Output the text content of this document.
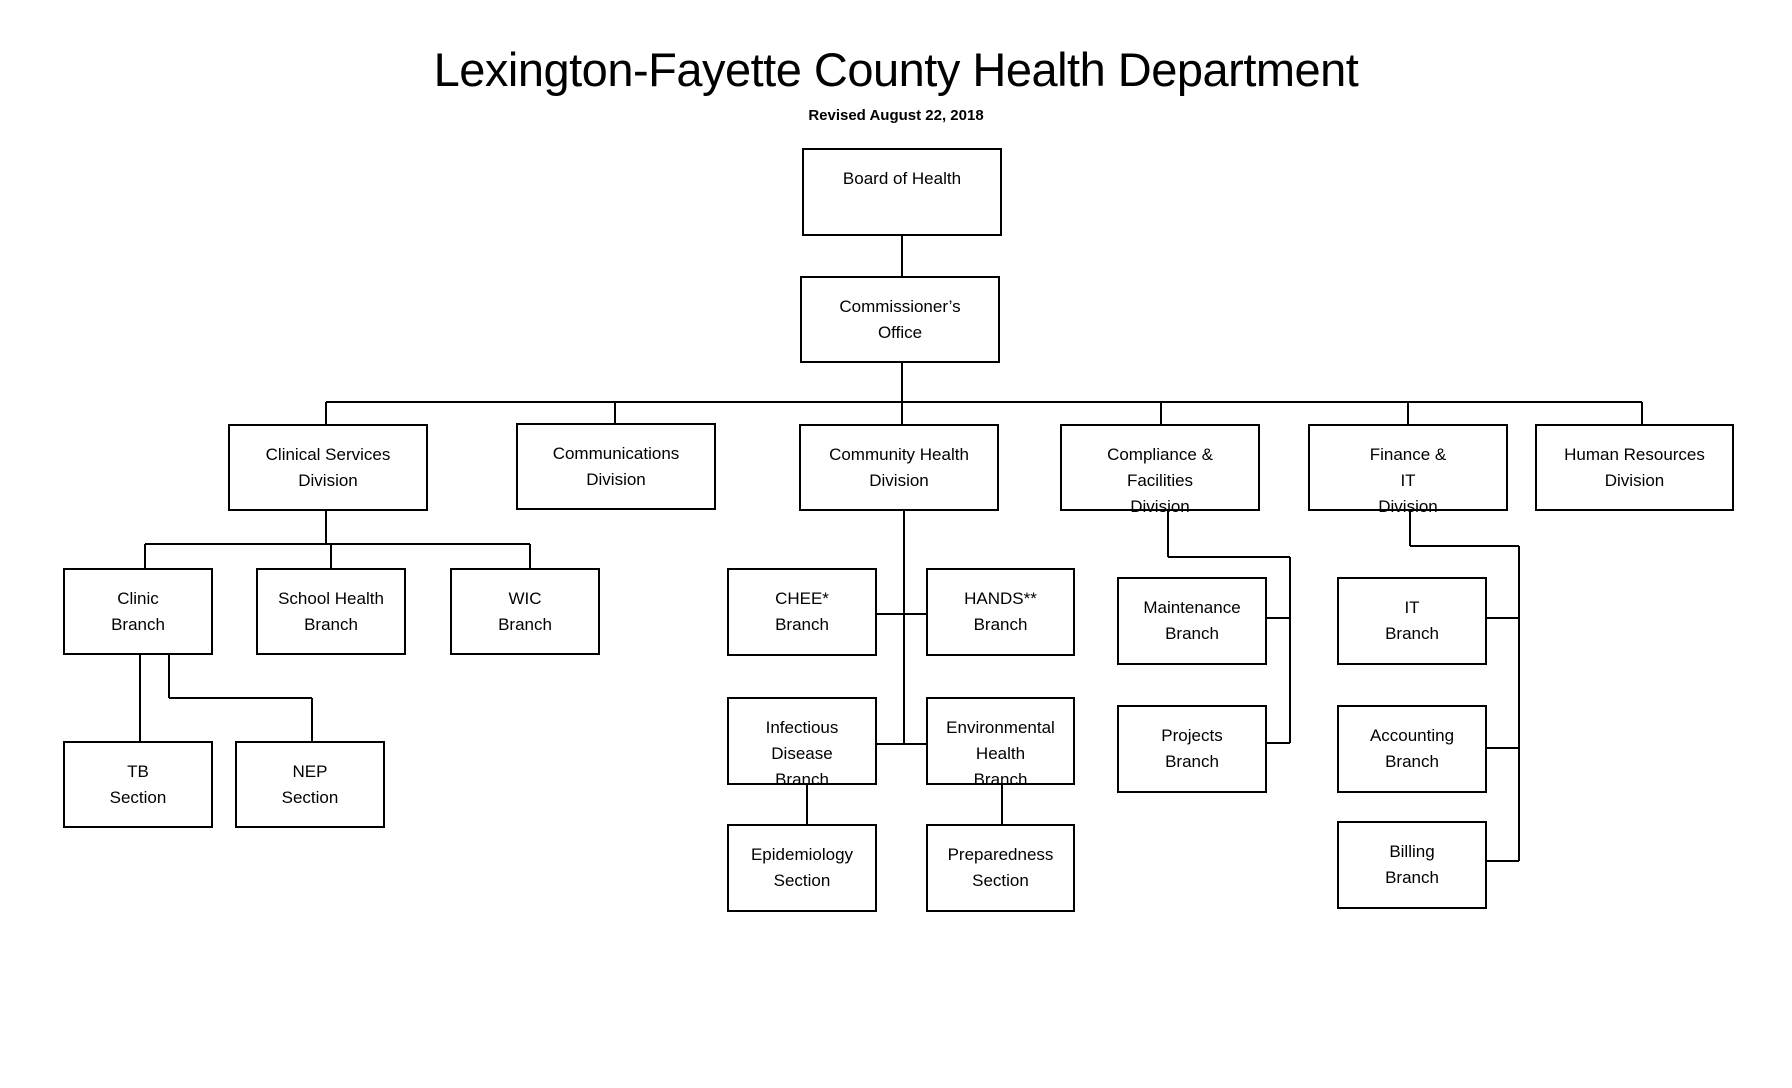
Lexington-Fayette County Health Department
Revised August 22, 2018
Board of Health
Commissioner’s
Office
Clinical Services
Division
Communications
Division
Community Health
Division
Compliance &
Facilities
Division
Finance &
IT
Division
Human Resources
Division
Clinic
Branch
School Health
Branch
WIC
Branch
TB
Section
NEP
Section
CHEE*
Branch
HANDS**
Branch
Infectious
Disease
Branch
Environmental
Health
Branch
Epidemiology
Section
Preparedness
Section
Maintenance
Branch
Projects
Branch
IT
Branch
Accounting
Branch
Billing
Branch
